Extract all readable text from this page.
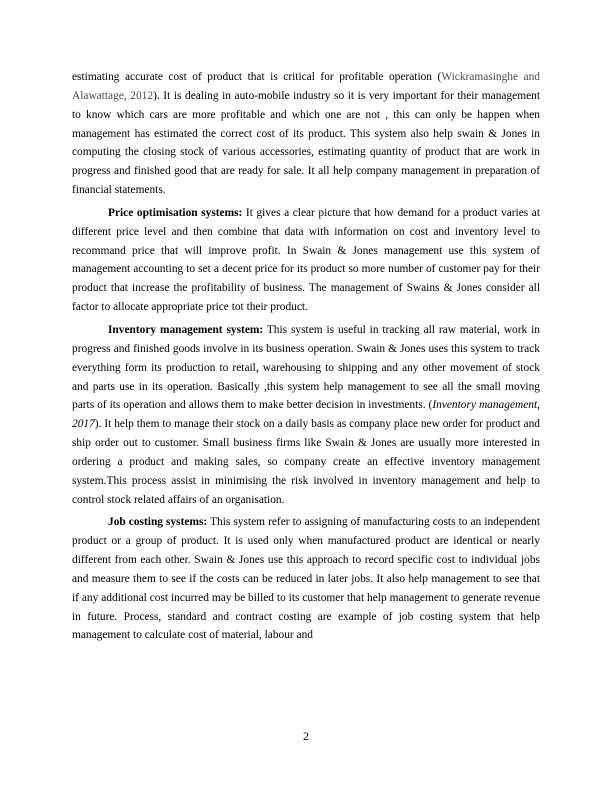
estimating accurate cost of product that is critical for profitable operation (Wickramasinghe and Alawattage, 2012). It is dealing in auto-mobile industry so it is very important for their management to know which cars are more profitable and which one are not , this can only be happen when management has estimated the correct cost of its product. This system also help swain & Jones in computing the closing stock of various accessories, estimating quantity of product that are work in progress and finished good that are ready for sale. It all help company management in preparation of financial statements.

Price optimisation systems: It gives a clear picture that how demand for a product varies at different price level and then combine that data with information on cost and inventory level to recommand price that will improve profit. In Swain & Jones management use this system of management accounting to set a decent price for its product so more number of customer pay for their product that increase the profitability of business. The management of Swains & Jones consider all factor to allocate appropriate price tot their product.

Inventory management system: This system is useful in tracking all raw material, work in progress and finished goods involve in its business operation. Swain & Jones uses this system to track everything form its production to retail, warehousing to shipping and any other movement of stock and parts use in its operation. Basically ,this system help management to see all the small moving parts of its operation and allows them to make better decision in investments. (Inventory management, 2017). It help them to manage their stock on a daily basis as company place new order for product and ship order out to customer. Small business firms like Swain & Jones are usually more interested in ordering a product and making sales, so company create an effective inventory management system.This process assist in minimising the risk involved in inventory management and help to control stock related affairs of an organisation.

Job costing systems: This system refer to assigning of manufacturing costs to an independent product or a group of product. It is used only when manufactured product are identical or nearly different from each other. Swain & Jones use this approach to record specific cost to individual jobs and measure them to see if the costs can be reduced in later jobs. It also help management to see that if any additional cost incurred may be billed to its customer that help management to generate revenue in future. Process, standard and contract costing are example of job costing system that help management to calculate cost of material, labour and

2
